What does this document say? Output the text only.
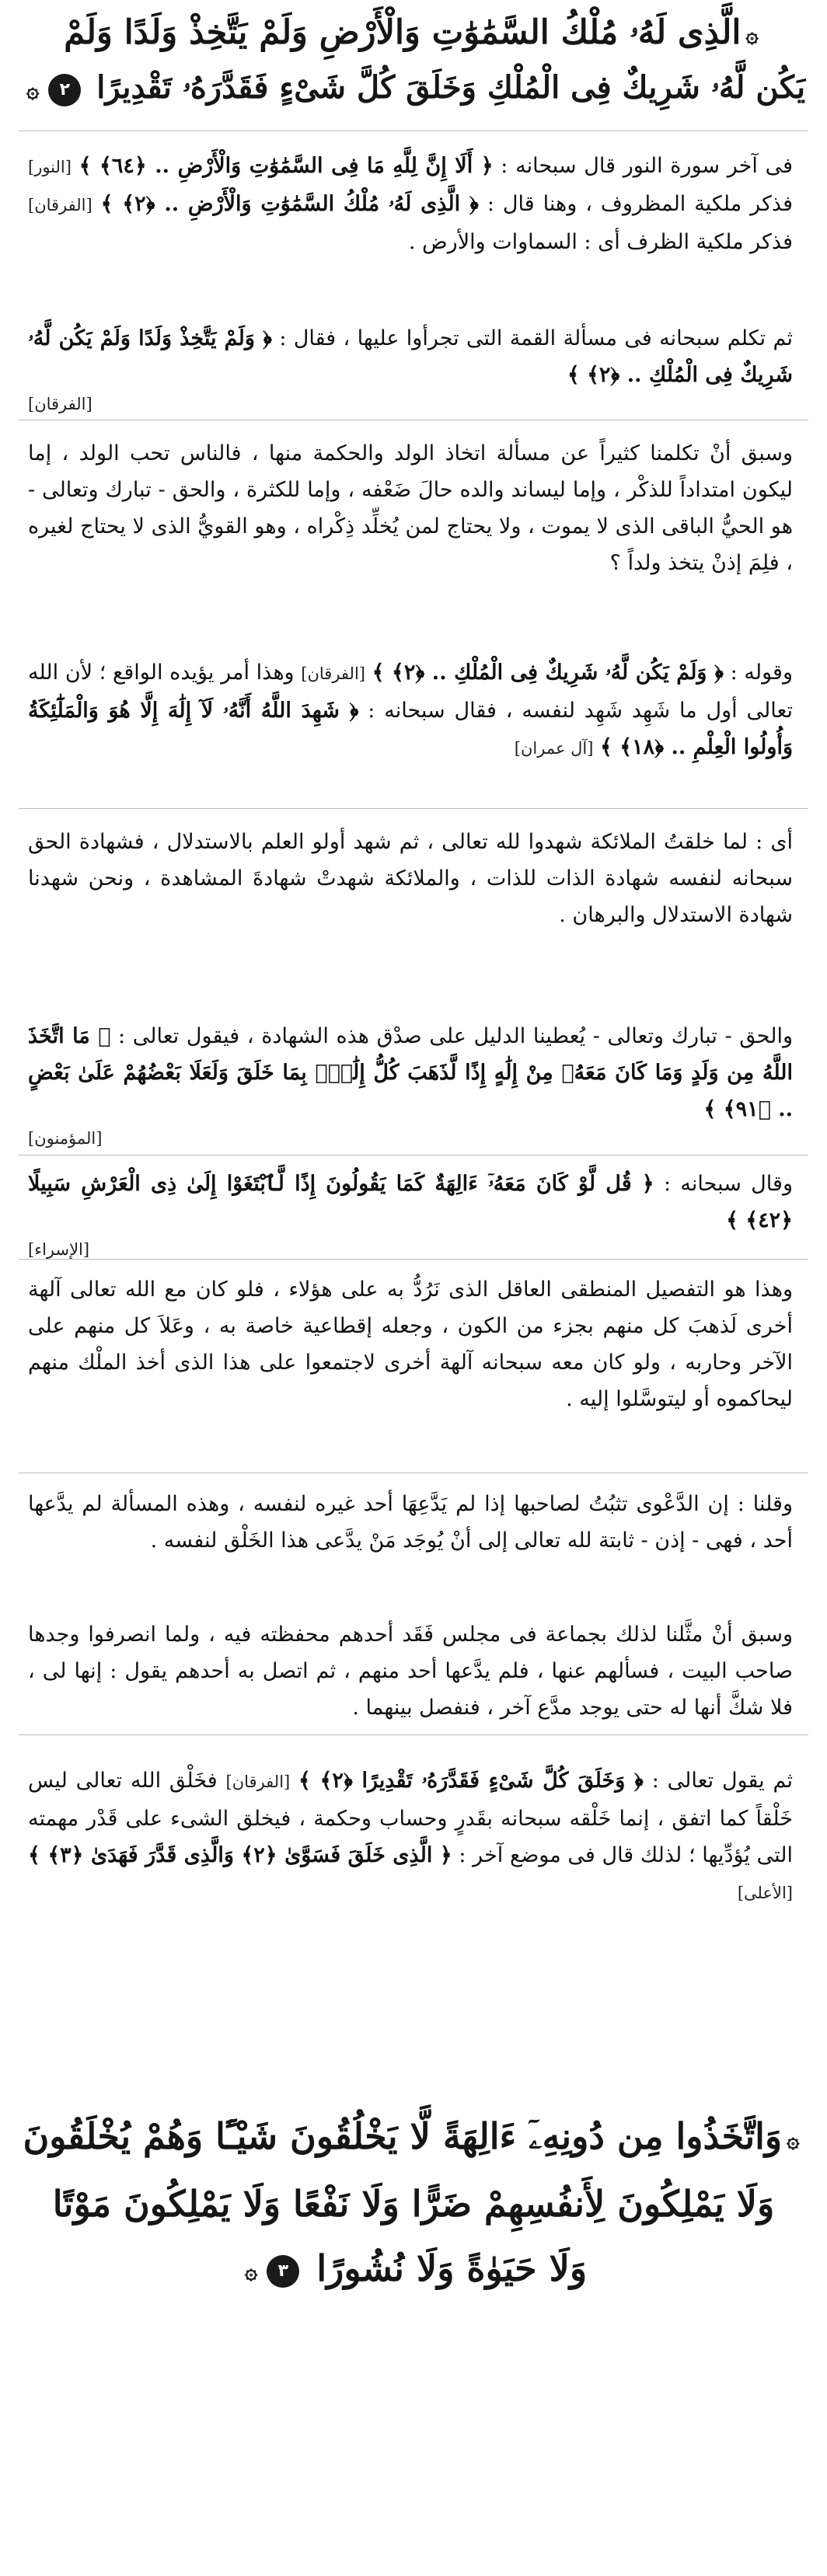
۞الَّذِى لَهُۥ مُلْكُ السَّمَٰوَٰتِ وَالْأَرْضِ وَلَمْ يَتَّخِذْ وَلَدًا وَلَمْ
يَكُن لَّهُۥ شَرِيكٌ فِى الْمُلْكِ وَخَلَقَ كُلَّ شَىْءٍ فَقَدَّرَهُۥ تَقْدِيرًا ٢۞

فى آخر سورة النور قال سبحانه : ﴿ أَلَا إِنَّ لِلَّهِ مَا فِى السَّمَٰوَٰتِ وَالْأَرْضِ .. ﴿٦٤﴾ ﴾ [النور] فذكر ملكية المظروف ، وهنا قال : ﴿ الَّذِى لَهُۥ مُلْكُ السَّمَٰوَٰتِ وَالْأَرْضِ .. ﴿٢﴾ ﴾ [الفرقان] فذكر ملكية الظرف أى : السماوات والأرض .

ثم تكلم سبحانه فى مسألة القمة التى تجرأوا عليها ، فقال : ﴿ وَلَمْ يَتَّخِذْ وَلَدًا وَلَمْ يَكُن لَّهُۥ شَرِيكٌ فِى الْمُلْكِ .. ﴿٢﴾ ﴾
[الفرقان]

وسبق أنْ تكلمنا كثيراً عن مسألة اتخاذ الولد والحكمة منها ، فالناس تحب الولد ، إما ليكون امتداداً للذكْر ، وإما ليساند والده حالَ ضَعْفه ، وإما للكثرة ، والحق - تبارك وتعالى - هو الحيُّ الباقى الذى لا يموت ، ولا يحتاج لمن يُخلِّد ذِكْراه ، وهو القويُّ الذى لا يحتاج لغيره ، فلِمَ إذنْ يتخذ ولداً ؟

وقوله : ﴿ وَلَمْ يَكُن لَّهُۥ شَرِيكٌ فِى الْمُلْكِ .. ﴿٢﴾ ﴾ [الفرقان] وهذا أمر يؤيده الواقع ؛ لأن الله تعالى أول ما شَهِد شَهِد لنفسه ، فقال سبحانه : ﴿ شَهِدَ اللَّهُ أَنَّهُۥ لَآ إِلَٰهَ إِلَّا هُوَ وَالْمَلَٰٓئِكَةُ وَأُولُوا الْعِلْمِ .. ﴿١٨﴾ ﴾ [آل عمران]

أى : لما خلقتُ الملائكة شهدوا لله تعالى ، ثم شهد أولو العلم بالاستدلال ، فشهادة الحق سبحانه لنفسه شهادة الذات للذات ، والملائكة شهدتْ شهادةَ المشاهدة ، ونحن شهدنا شهادة الاستدلال والبرهان .

والحق - تبارك وتعالى - يُعطينا الدليل على صدْق هذه الشهادة ، فيقول تعالى : ﴿ مَا اتَّخَذَ اللَّهُ مِن وَلَدٍ وَمَا كَانَ مَعَهُۥ مِنْ إِلَٰهٍ إِذًا لَّذَهَبَ كُلُّ إِلَٰهٍۭ بِمَا خَلَقَ وَلَعَلَا بَعْضُهُمْ عَلَىٰ بَعْضٍ .. ﴿٩١﴾ ﴾
[المؤمنون]

وقال سبحانه : ﴿ قُل لَّوْ كَانَ مَعَهُۥٓ ءَالِهَةٌ كَمَا يَقُولُونَ إِذًا لَّٱبْتَغَوْا إِلَىٰ ذِى الْعَرْشِ سَبِيلًا ﴿٤٢﴾ ﴾
[الإسراء]

وهذا هو التفصيل المنطقى العاقل الذى نَرُدُّ به على هؤلاء ، فلو كان مع الله تعالى آلهة أخرى لَذهبَ كل منهم بجزء من الكون ، وجعله إقطاعية خاصة به ، وعَلاَ كل منهم على الآخر وحاربه ، ولو كان معه سبحانه آلهة أخرى لاجتمعوا على هذا الذى أخذ الملْك منهم ليحاكموه أو ليتوسَّلوا إليه .

وقلنا : إن الدَّعْوى تثبُتُ لصاحبها إذا لم يَدَّعِهَا أحد غيره لنفسه ، وهذه المسألة لم يدَّعها أحد ، فهى - إذن - ثابتة لله تعالى إلى أنْ يُوجَد مَنْ يدَّعى هذا الخَلْق لنفسه .

وسبق أنْ مثَّلنا لذلك بجماعة فى مجلس فَقَد أحدهم محفظته فيه ، ولما انصرفوا وجدها صاحب البيت ، فسألهم عنها ، فلم يدَّعها أحد منهم ، ثم اتصل به أحدهم يقول : إنها لى ، فلا شكَّ أنها له حتى يوجد مدَّع آخر ، فنفصل بينهما .

ثم يقول تعالى : ﴿ وَخَلَقَ كُلَّ شَىْءٍ فَقَدَّرَهُۥ تَقْدِيرًا ﴿٢﴾ ﴾ [الفرقان] فخَلْق الله تعالى ليس خَلْقاً كما اتفق ، إنما خَلْقه سبحانه بقَدرٍ وحساب وحكمة ، فيخلق الشىء على قَدْر مهمته التى يُؤدِّيها ؛ لذلك قال فى موضع آخر : ﴿ الَّذِى خَلَقَ فَسَوَّىٰ ﴿٢﴾ وَالَّذِى قَدَّرَ فَهَدَىٰ ﴿٣﴾ ﴾ [الأعلى]

۞وَاتَّخَذُوا مِن دُونِهِۦٓ ءَالِهَةً لَّا يَخْلُقُونَ شَيْـًٔا وَهُمْ يُخْلَقُونَ
وَلَا يَمْلِكُونَ لِأَنفُسِهِمْ ضَرًّا وَلَا نَفْعًا وَلَا يَمْلِكُونَ مَوْتًا
وَلَا حَيَوٰةً وَلَا نُشُورًا ٣۞
